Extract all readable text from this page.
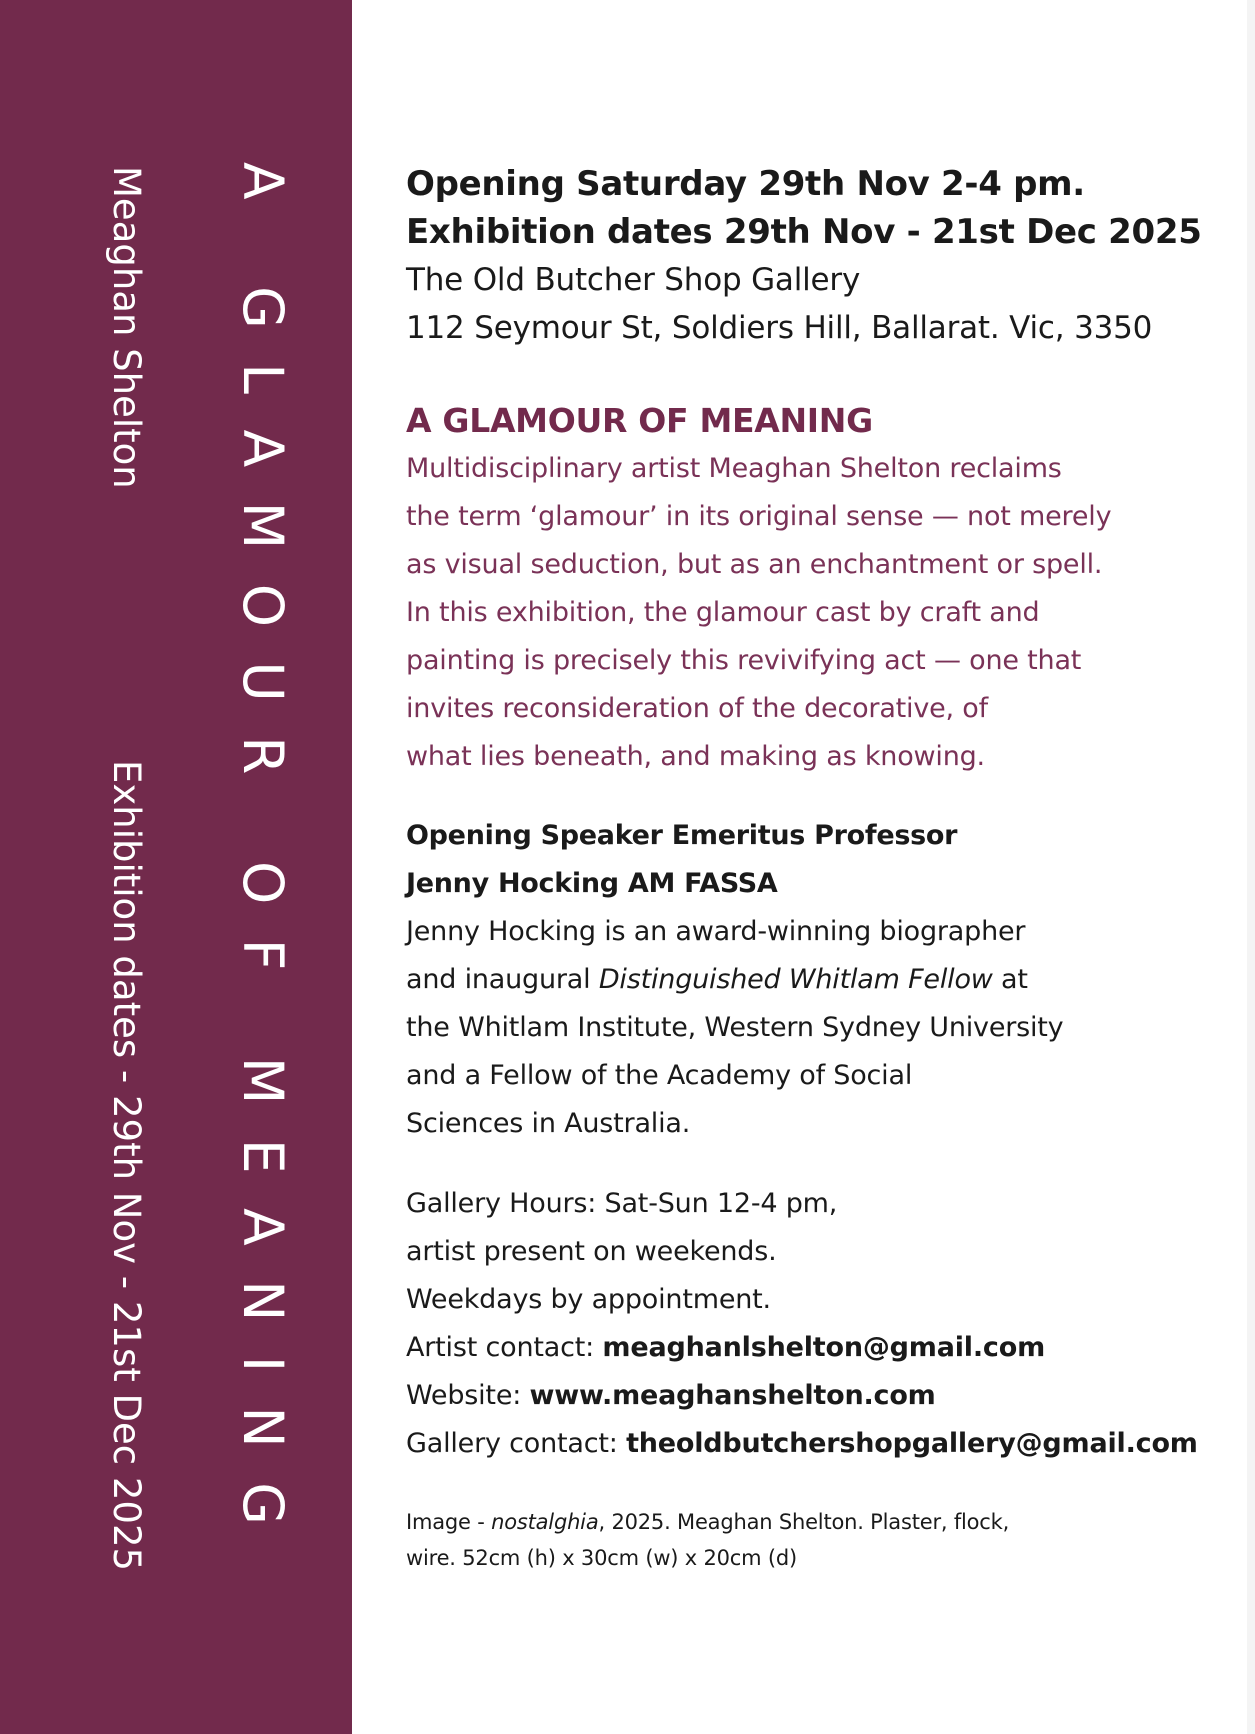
Meaghan Shelton
Exhibition dates - 29th Nov - 21st Dec 2025 A GLAMOUR OF MEANING	Opening Saturday 29th Nov 2-4 pm.
Exhibition dates 29th Nov - 21st Dec 2025
The Old Butcher Shop Gallery
112 Seymour St, Soldiers Hill, Ballarat. Vic, 3350
A GLAMOUR OF MEANING
Multidisciplinary artist Meaghan Shelton reclaims
the term ‘glamour’ in its original sense — not merely
as visual seduction, but as an enchantment or spell.
In this exhibition, the glamour cast by craft and
painting is precisely this revivifying act — one that
invites reconsideration of the decorative, of
what lies beneath, and making as knowing.
Opening Speaker Emeritus Professor
Jenny Hocking AM FASSA
Jenny Hocking is an award-winning biographer
and inaugural Distinguished Whitlam Fellow at
the Whitlam Institute, Western Sydney University
and a Fellow of the Academy of Social
Sciences in Australia.
Gallery Hours: Sat-Sun 12-4 pm,
artist present on weekends.
Weekdays by appointment.
Artist contact: meaghanlshelton@gmail.com
Website: www.meaghanshelton.com
Gallery contact: theoldbutchershopgallery@gmail.com
Image - nostalghia, 2025. Meaghan Shelton. Plaster, flock,
wire. 52cm (h) x 30cm (w) x 20cm (d)
